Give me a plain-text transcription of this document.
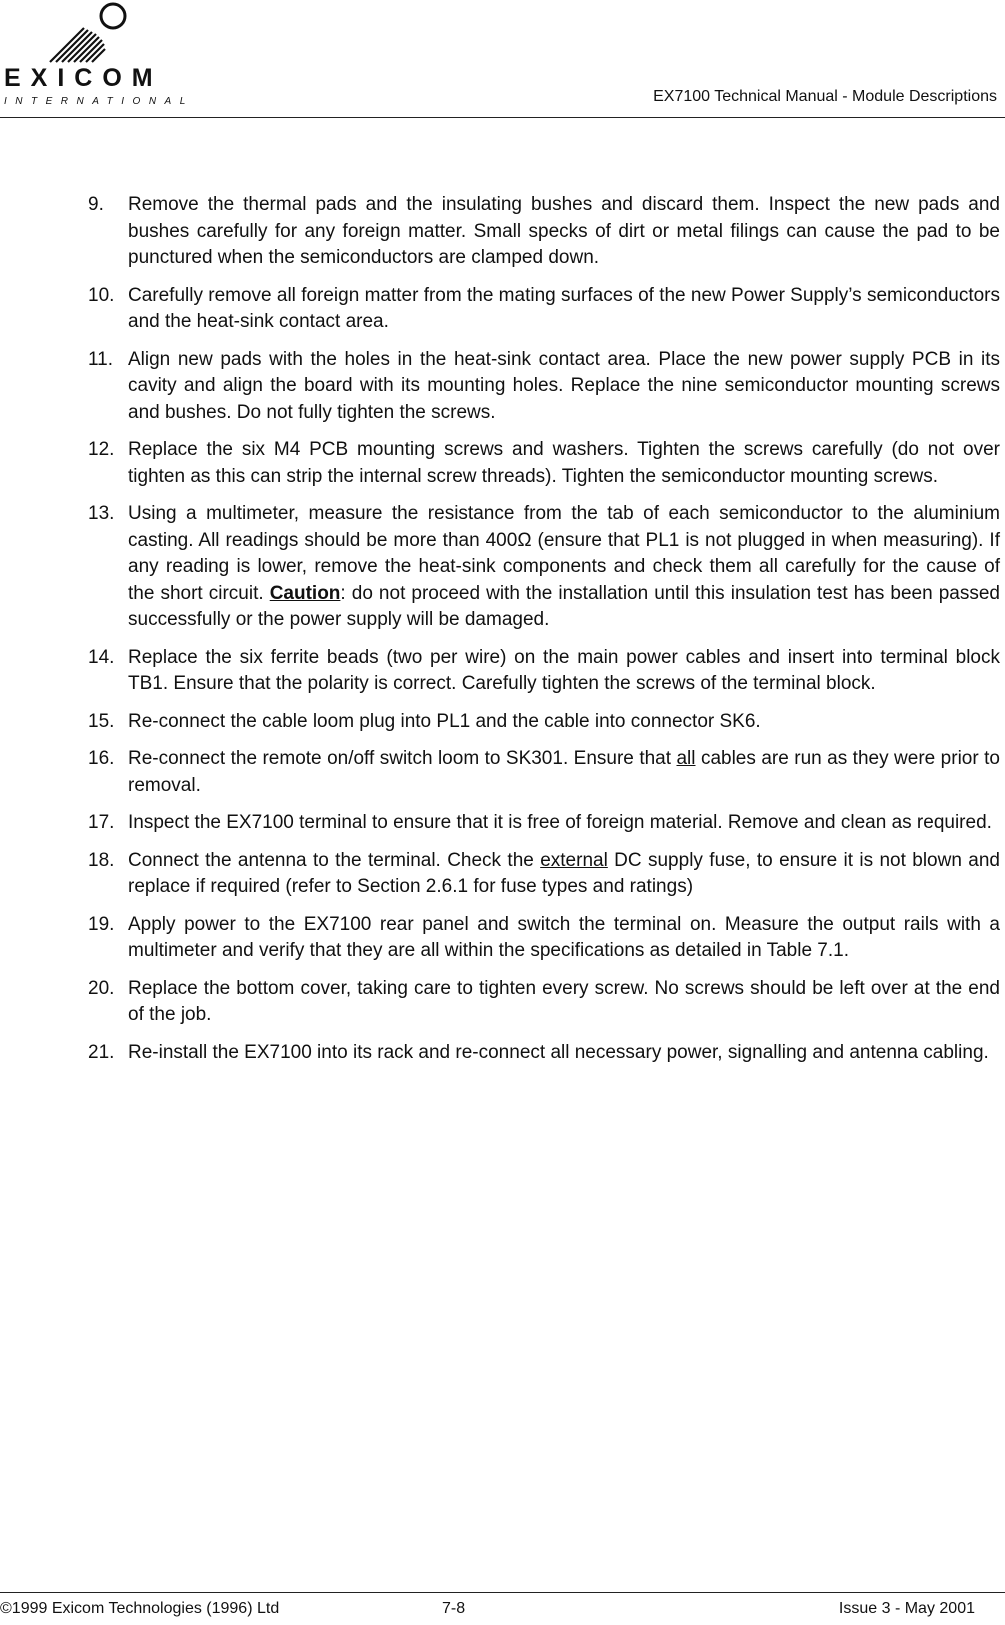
EXICOM
INTERNATIONAL	EX7100 Technical Manual - Module Descriptions
9. Remove the thermal pads and the insulating bushes and discard them. Inspect the new pads and bushes carefully for any foreign matter. Small specks of dirt or metal filings can cause the pad to be punctured when the semiconductors are clamped down.
10. Carefully remove all foreign matter from the mating surfaces of the new Power Supply’s semiconductors and the heat-sink contact area.
11. Align new pads with the holes in the heat-sink contact area. Place the new power supply PCB in its cavity and align the board with its mounting holes. Replace the nine semiconductor mounting screws and bushes. Do not fully tighten the screws.
12. Replace the six M4 PCB mounting screws and washers. Tighten the screws carefully (do not over tighten as this can strip the internal screw threads). Tighten the semiconductor mounting screws.
13. Using a multimeter, measure the resistance from the tab of each semiconductor to the aluminium casting. All readings should be more than 400Ω (ensure that PL1 is not plugged in when measuring). If any reading is lower, remove the heat-sink components and check them all carefully for the cause of the short circuit. Caution: do not proceed with the installation until this insulation test has been passed successfully or the power supply will be damaged.
14. Replace the six ferrite beads (two per wire) on the main power cables and insert into terminal block TB1. Ensure that the polarity is correct. Carefully tighten the screws of the terminal block.
15. Re-connect the cable loom plug into PL1 and the cable into connector SK6.
16. Re-connect the remote on/off switch loom to SK301. Ensure that all cables are run as they were prior to removal.
17. Inspect the EX7100 terminal to ensure that it is free of foreign material. Remove and clean as required.
18. Connect the antenna to the terminal. Check the external DC supply fuse, to ensure it is not blown and replace if required (refer to Section 2.6.1 for fuse types and ratings)
19. Apply power to the EX7100 rear panel and switch the terminal on. Measure the output rails with a multimeter and verify that they are all within the specifications as detailed in Table 7.1.
20. Replace the bottom cover, taking care to tighten every screw. No screws should be left over at the end of the job.
21. Re-install the EX7100 into its rack and re-connect all necessary power, signalling and antenna cabling.
©1999 Exicom Technologies (1996) Ltd	7-8	Issue 3 - May 2001
